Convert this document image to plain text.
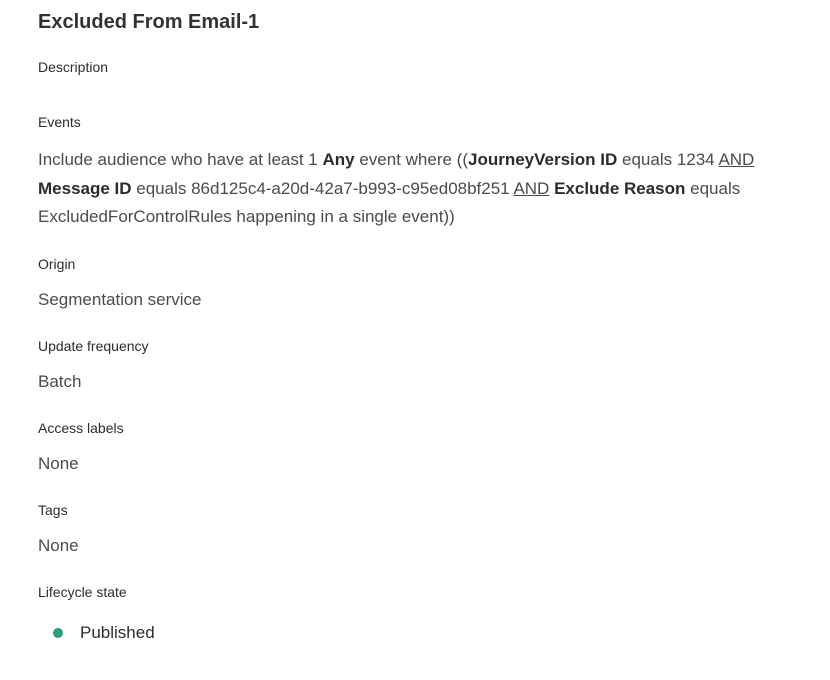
Excluded From Email-1
Description
Events
Include audience who have at least 1 Any event where ((JourneyVersion ID equals 1234 AND Message ID equals 86d125c4-a20d-42a7-b993-c95ed08bf251 AND Exclude Reason equals ExcludedForControlRules happening in a single event))
Origin
Segmentation service
Update frequency
Batch
Access labels
None
Tags
None
Lifecycle state
Published
